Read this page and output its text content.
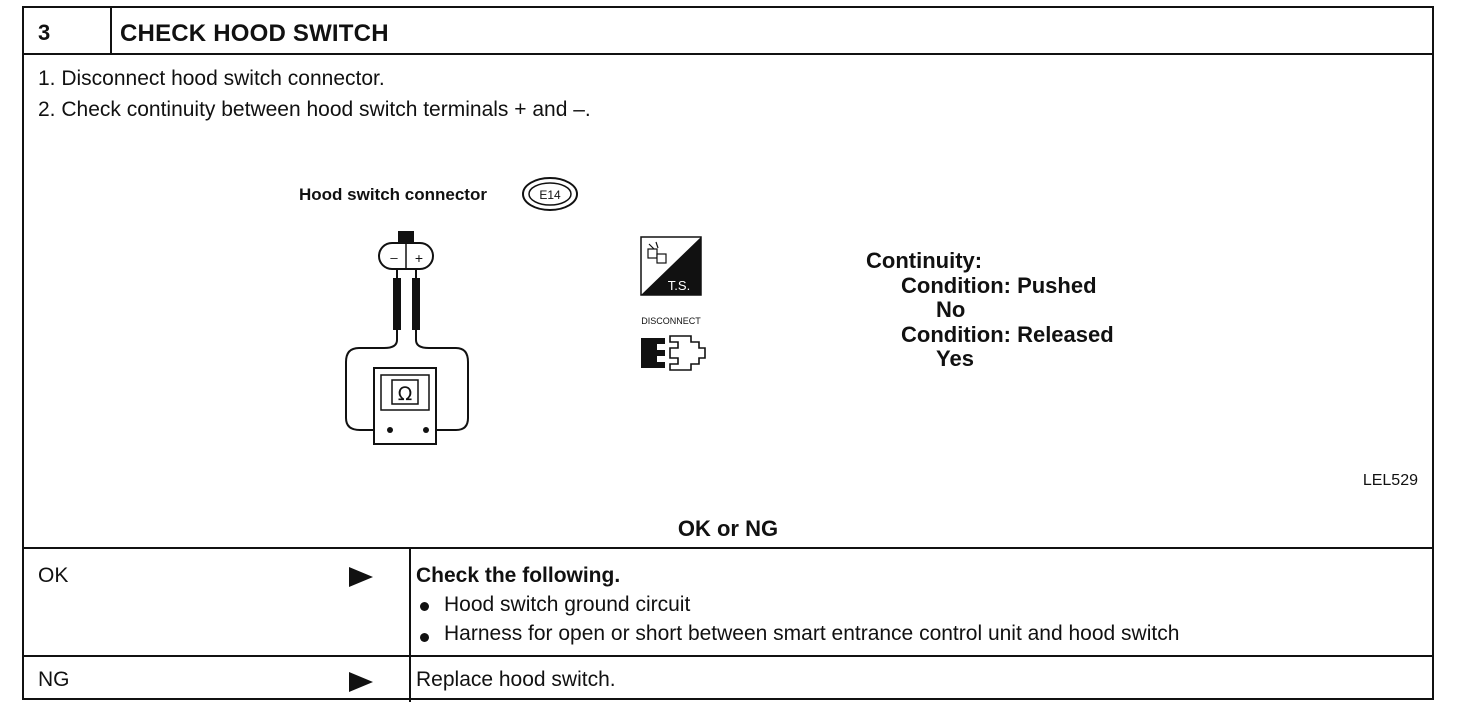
3	CHECK HOOD SWITCH
1. Disconnect hood switch connector.
2. Check continuity between hood switch terminals + and –.
Hood switch connector	E14
– +
Ω
T.S.
DISCONNECT
Continuity:
Condition: Pushed
No
Condition: Released
Yes
LEL529
OK or NG
OK	Check the following.
Hood switch ground circuit
Harness for open or short between smart entrance control unit and hood switch
NG	Replace hood switch.
